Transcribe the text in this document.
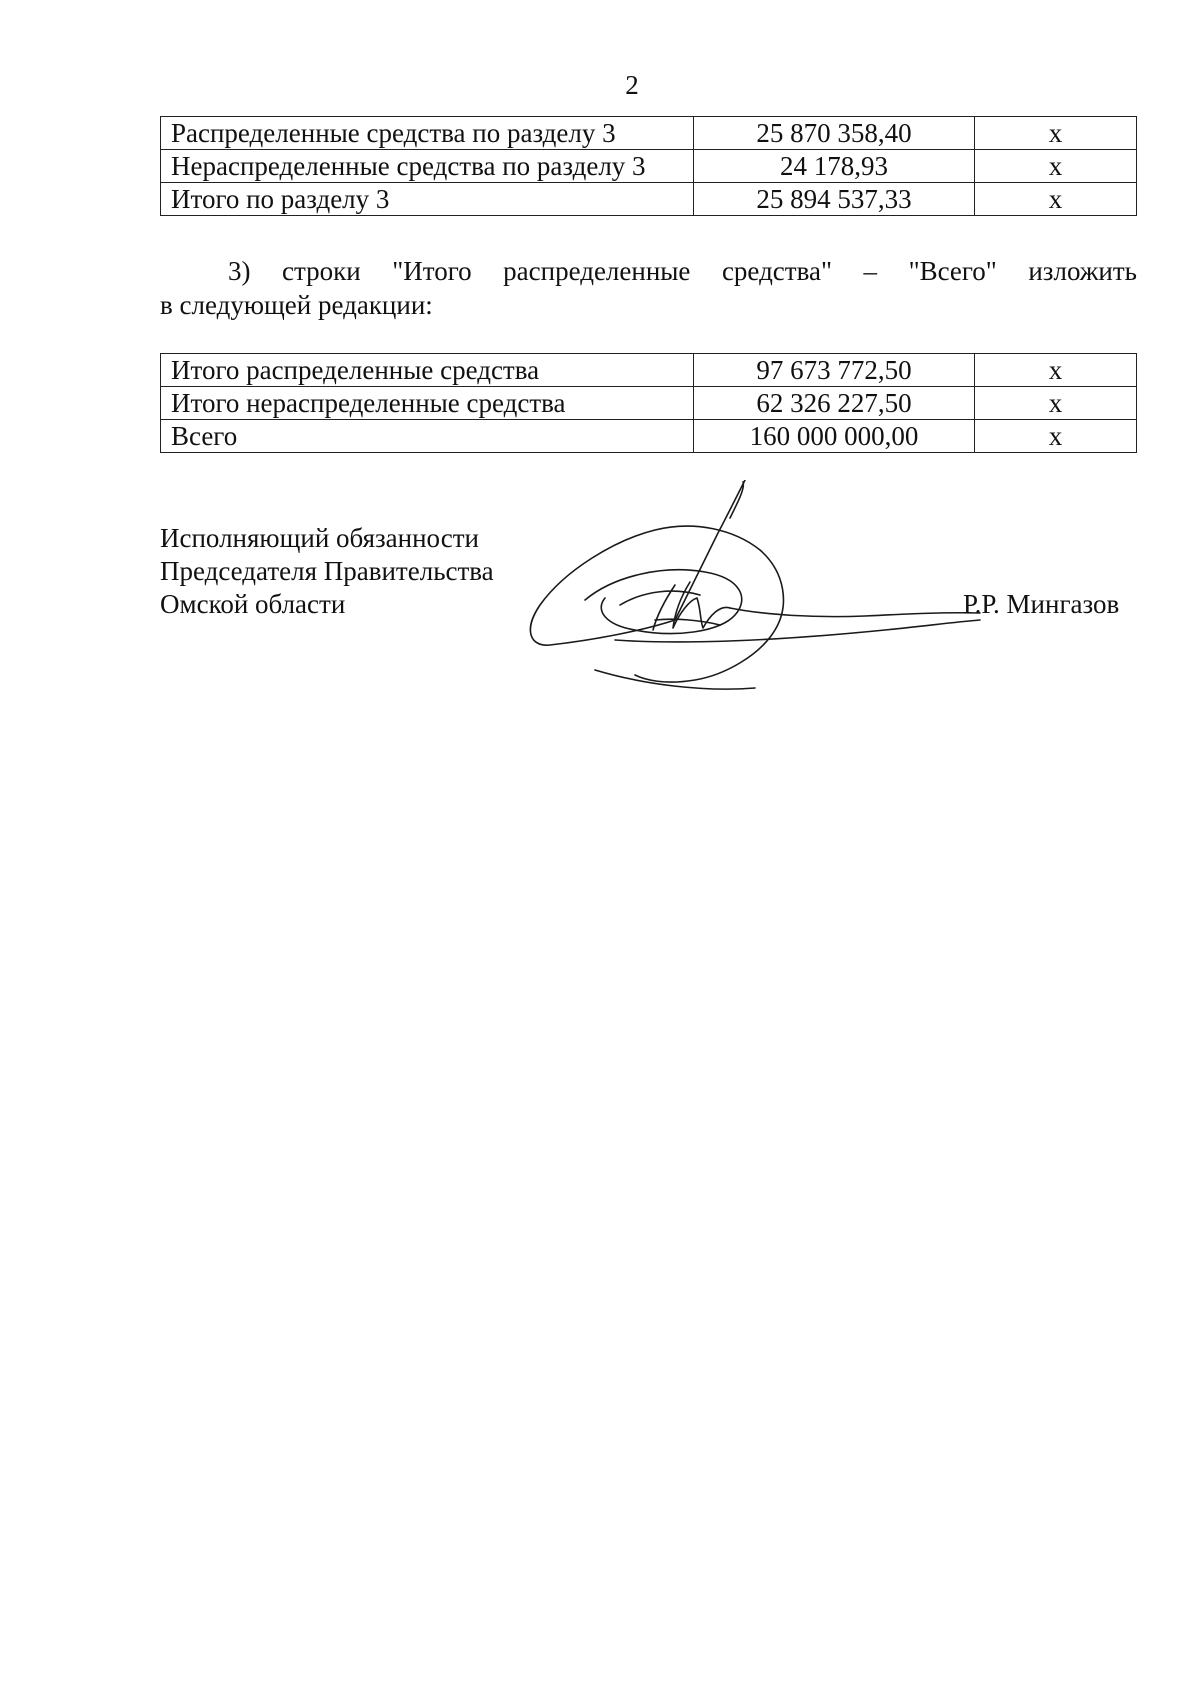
2
Распределенные средства по разделу 3	25 870 358,40	x
Нераспределенные средства по разделу 3	24 178,93	x
Итого по разделу 3	25 894 537,33	x
3) строки "Итого распределенные средства" – "Всего" изложить
в следующей редакции:
Итого распределенные средства	97 673 772,50	x
Итого нераспределенные средства	62 326 227,50	x
Всего	160 000 000,00	x
Исполняющий обязанности
Председателя Правительства
Омской области	Р.Р. Мингазов
